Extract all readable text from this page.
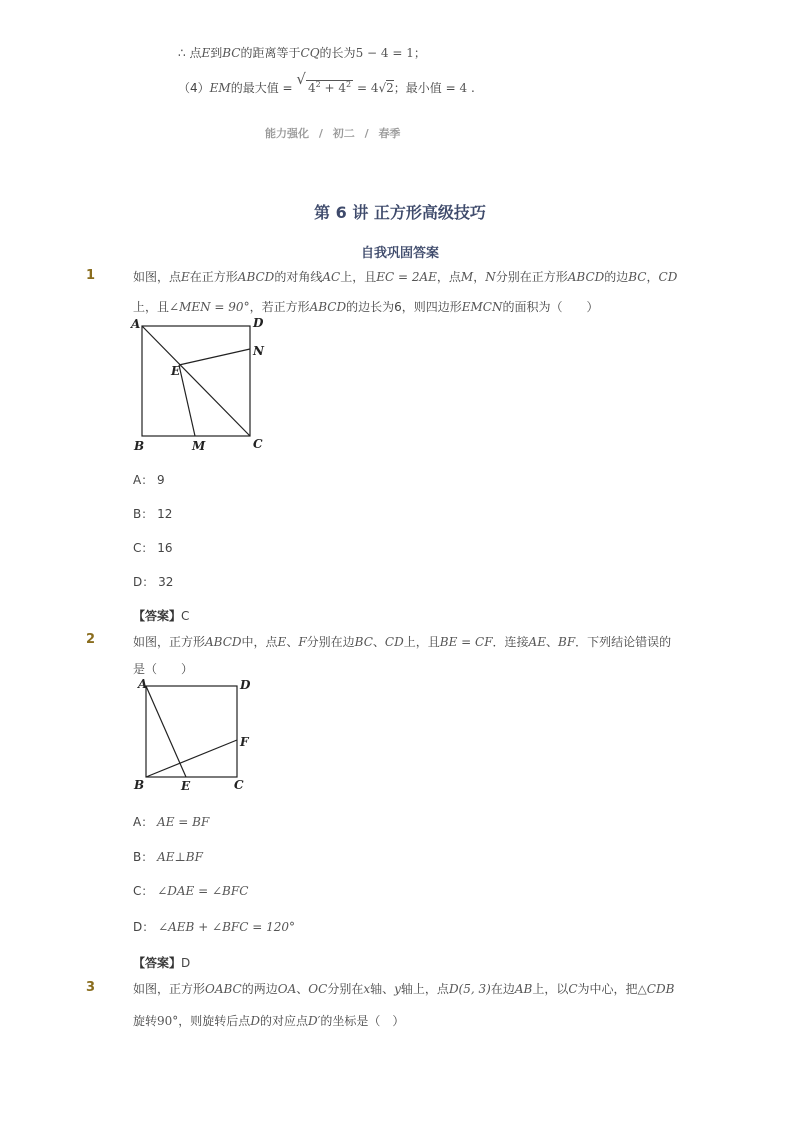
∴ 点E到BC的距离等于CQ的长为5 − 4 = 1；
（4）EM的最大值 = √ $4^2 + 4^2 = 4√2$；最小值 = 4 .
能力强化 / 初二 / 春季
第 6 讲 正方形高级技巧
自我巩固答案
1	如图，点E在正方形ABCD的对角线AC上，且EC = 2AE，点M，N分别在正方形ABCD的边BC，CD
上，且∠MEN = 90°，若正方形ABCD的边长为6，则四边形EMCN的面积为（　　）
A	D
N
E
B	M	C
A： 9
B： 12
C： 16
D： 32
【答案】C
2	如图，正方形ABCD中，点E、F分别在边BC、CD上，且BE = CF．连接AE、BF．下列结论错误的
是（　　）
A	D
F
B	E	C
A： AE = BF
B： AE⊥BF
C： ∠DAE = ∠BFC
D： ∠AEB + ∠BFC = 120°
【答案】D
3	如图，正方形OABC的两边OA、OC分别在x轴、y轴上，点D(5, 3)在边AB上，以C为中心，把△CDB
旋转90°，则旋转后点D的对应点D′的坐标是（　）
